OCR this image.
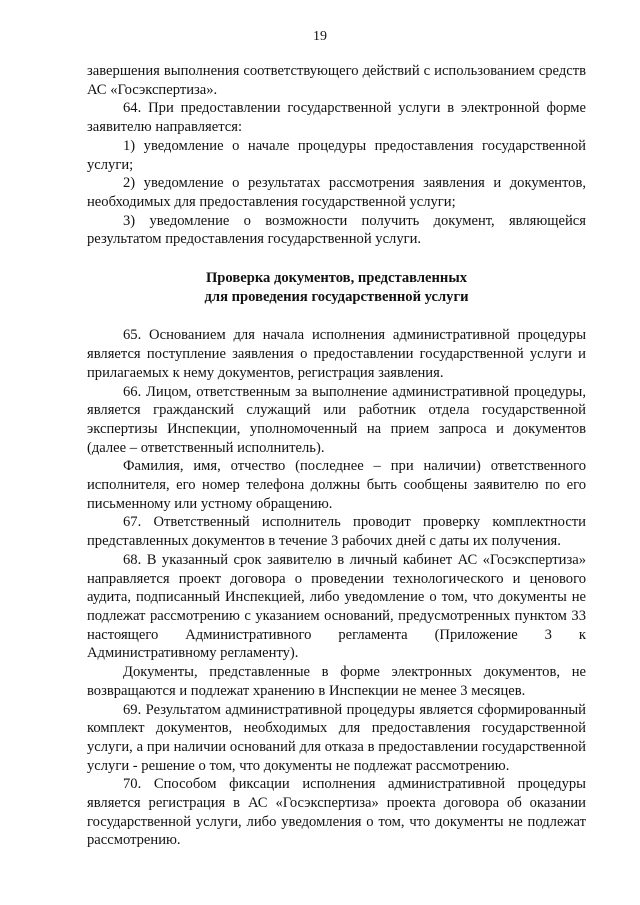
19

завершения выполнения соответствующего действий с использованием средств АС «Госэкспертиза».

64. При предоставлении государственной услуги в электронной форме заявителю направляется:

1) уведомление о начале процедуры предоставления государственной услуги;

2) уведомление о результатах рассмотрения заявления и документов, необходимых для предоставления государственной услуги;

3) уведомление о возможности получить документ, являющейся результатом предоставления государственной услуги.

Проверка документов, представленных
для проведения государственной услуги

65. Основанием для начала исполнения административной процедуры является поступление заявления о предоставлении государственной услуги и прилагаемых к нему документов, регистрация заявления.

66. Лицом, ответственным за выполнение административной процедуры, является гражданский служащий или работник отдела государственной экспертизы Инспекции, уполномоченный на прием запроса и документов (далее – ответственный исполнитель).

Фамилия, имя, отчество (последнее – при наличии) ответственного исполнителя, его номер телефона должны быть сообщены заявителю по его письменному или устному обращению.

67. Ответственный исполнитель проводит проверку комплектности представленных документов в течение 3 рабочих дней с даты их получения.

68. В указанный срок заявителю в личный кабинет АС «Госэкспертиза» направляется проект договора о проведении технологического и ценового аудита, подписанный Инспекцией, либо уведомление о том, что документы не подлежат рассмотрению с указанием оснований, предусмотренных пунктом 33 настоящего Административного регламента (Приложение 3 к Административному регламенту).

Документы, представленные в форме электронных документов, не возвращаются и подлежат хранению в Инспекции не менее 3 месяцев.

69. Результатом административной процедуры является сформированный комплект документов, необходимых для предоставления государственной услуги, а при наличии оснований для отказа в предоставлении государственной услуги - решение о том, что документы не подлежат рассмотрению.

70. Способом фиксации исполнения административной процедуры является регистрация в АС «Госэкспертиза» проекта договора об оказании государственной услуги, либо уведомления о том, что документы не подлежат рассмотрению.
